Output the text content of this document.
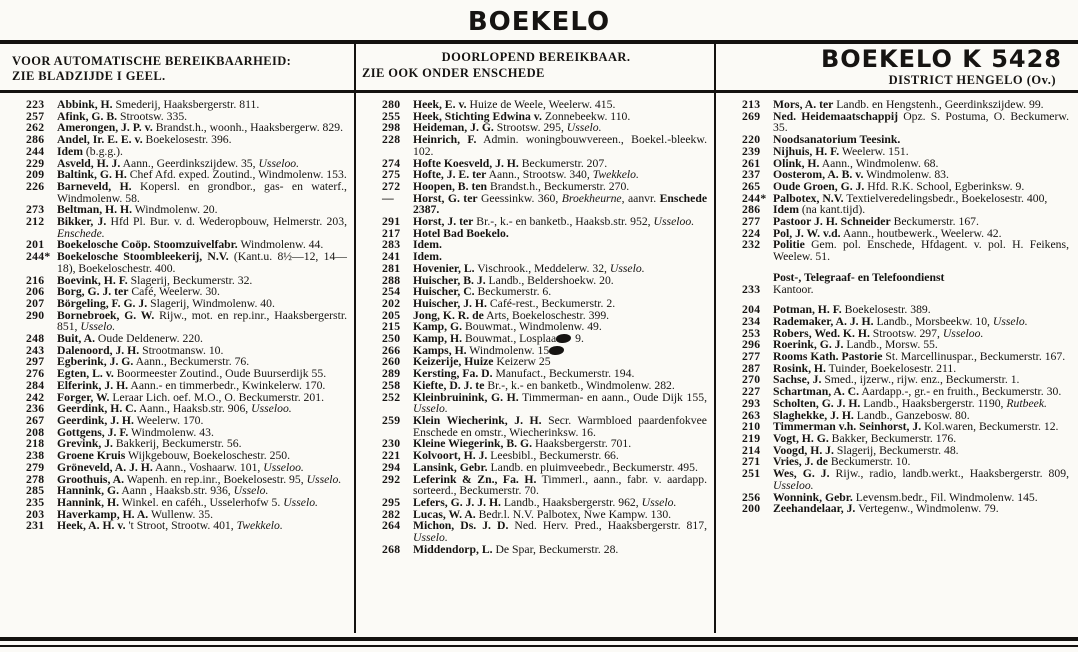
BOEKELO
VOOR AUTOMATISCHE BEREIKBAARHEID:
ZIE BLADZIJDE I GEEL.
DOORLOPEND BEREIKBAAR.
ZIE OOK ONDER ENSCHEDE	BOEKELO K 5428
DISTRICT HENGELO (Ov.)
223 Abbink, H. Smederij, Haaksbergerstr. 811.
257 Afink, G. B. Strootsw. 335.
262 Amerongen, J. P. v. Brandst.h., woonh., Haaksbergerw. 829.
286 Andel, Ir. E. E. v. Boekelosestr. 396.
244 Idem (b.g.g.).
229 Asveld, H. J. Aann., Geerdinkszijdew. 35, Usseloo.
209 Baltink, G. H. Chef Afd. exped. Zoutind., Windmolenw. 153.
226 Barneveld, H. Kopersl. en grondbor., gas- en waterf., Windmolenw. 58.
273 Beltman, H. H. Windmolenw. 20.
212 Bikker, J. Hfd Pl. Bur. v. d. Wederopbouw, Helmerstr. 203, Enschede.
201 Boekelosche Coöp. Stoomzuivelfabr. Windmolenw. 44.
244* Boekelosche Stoombleekerij, N.V. (Kant.u. 8½—12, 14—18), Boekeloschestr. 400.
216 Boevink, H. F. Slagerij, Beckumerstr. 32.
206 Borg, G. J. ter Café, Weelerw. 30.
207 Börgeling, F. G. J. Slagerij, Windmolenw. 40.
290 Bornebroek, G. W. Rijw., mot. en rep.inr., Haaksbergerstr. 851, Usselo.
248 Buit, A. Oude Deldenerw. 220.
243 Dalenoord, J. H. Strootmansw. 10.
297 Egberink, J. G. Aann., Beckumerstr. 76.
276 Egten, L. v. Boormeester Zoutind., Oude Buurserdijk 55.
284 Elferink, J. H. Aann.- en timmerbedr., Kwinkelerw. 170.
242 Forger, W. Leraar Lich. oef. M.O., O. Beckumerstr. 201.
236 Geerdink, H. C. Aann., Haaksb.str. 906, Usseloo.
267 Geerdink, J. H. Weelerw. 170.
208 Gottgens, J. F. Windmolenw. 43.
218 Grevink, J. Bakkerij, Beckumerstr. 56.
238 Groene Kruis Wijkgebouw, Boekeloschestr. 250.
279 Gröneveld, A. J. H. Aann., Voshaarw. 101, Usseloo.
278 Groothuis, A. Wapenh. en rep.inr., Boekelosestr. 95, Usselo.
285 Hannink, G. Aann , Haaksb.str. 936, Usselo.
235 Hannink, H. Winkel. en caféh., Usselerhofw 5. Usselo.
203 Haverkamp, H. A. Wullenw. 35.
231 Heek, A. H. v. 't Stroot, Strootw. 401, Twekkelo.
280 Heek, E. v. Huize de Weele, Weelerw. 415.
255 Heek, Stichting Edwina v. Zonnebeekw. 110.
298 Heideman, J. G. Strootsw. 295, Usselo.
228 Heinrich, F. Admin. woningbouwvereen., Boekel.-bleekw. 102.
274 Hofte Koesveld, J. H. Beckumerstr. 207.
275 Hofte, J. E. ter Aann., Strootsw. 340, Twekkelo.
272 Hoopen, B. ten Brandst.h., Beckumerstr. 270.
— Horst, G. ter Geessinkw. 360, Broekheurne, aanvr. Enschede 2387.
291 Horst, J. ter Br.-, k.- en banketb., Haaksb.str. 952, Usseloo.
217 Hotel Bad Boekelo.
283 Idem.
241 Idem.
281 Hovenier, L. Vischrook., Meddelerw. 32, Usselo.
288 Huischer, B. J. Landb., Beldershoekw. 20.
254 Huischer, C. Beckumerstr. 6.
202 Huischer, J. H. Café-rest., Beckumerstr. 2.
205 Jong, K. R. de Arts, Boekeloschestr. 399.
215 Kamp, G. Bouwmat., Windmolenw. 49.
250 Kamp, H. Bouwmat., Losplaa 9.
266 Kamps, H. Windmolenw. 15
260 Keizerije, Huize Keizerw 25
289 Kersting, Fa. D. Manufact., Beckumerstr. 194.
258 Kiefte, D. J. te Br.-, k.- en banketb., Windmolenw. 282.
252 Kleinbruinink, G. H. Timmerman- en aann., Oude Dijk 155, Usselo.
259 Klein Wiecherink, J. H. Secr. Warmbloed paardenfokvee Enschede en omstr., Wiecherinksw. 16.
230 Kleine Wiegerink, B. G. Haaksbergerstr. 701.
221 Kolvoort, H. J. Leesbibl., Beckumerstr. 66.
294 Lansink, Gebr. Landb. en pluimveebedr., Beckumerstr. 495.
292 Leferink & Zn., Fa. H. Timmerl., aann., fabr. v. aardapp. sorteerd., Beckumerstr. 70.
295 Lefers, G. J. J. H. Landb., Haaksbergerstr. 962, Usselo.
282 Lucas, W. A. Bedr.l. N.V. Palbotex, Nwe Kampw. 130.
264 Michon, Ds. J. D. Ned. Herv. Pred., Haaksbergerstr. 817, Usselo.
268 Middendorp, L. De Spar, Beckumerstr. 28.
213 Mors, A. ter Landb. en Hengstenh., Geerdinkszijdew. 99.
269 Ned. Heidemaatschappij Opz. S. Postuma, O. Beckumerw. 35.
220 Noodsanatorium Teesink.
239 Nijhuis, H. F. Weelerw. 151.
261 Olink, H. Aann., Windmolenw. 68.
237 Oosterom, A. B. v. Windmolenw. 83.
265 Oude Groen, G. J. Hfd. R.K. School, Egberinksw. 9.
244* Palbotex, N.V. Textielveredelingsbedr., Boekelosestr. 400,
286 Idem (na kant.tijd).
277 Pastoor J. H. Schneider Beckumerstr. 167.
224 Pol, J. W. v.d. Aann., houtbewerk., Weelerw. 42.
232 Politie Gem. pol. Enschede, Hfdagent. v. pol. H. Feikens, Weelew. 51.
Post-, Telegraaf- en Telefoondienst
233 Kantoor.
204 Potman, H. F. Boekelosestr. 389.
234 Rademaker, A. J. H. Landb., Morsbeekw. 10, Usselo.
253 Robers, Wed. K. H. Strootsw. 297, Usseloo.
296 Roerink, G. J. Landb., Morsw. 55.
277 Rooms Kath. Pastorie St. Marcellinuspar., Beckumerstr. 167.
287 Rosink, H. Tuinder, Boekelosestr. 211.
270 Sachse, J. Smed., ijzerw., rijw. enz., Beckumerstr. 1.
227 Schartman, A. C. Aardapp.-, gr.- en fruith., Beckumerstr. 30.
293 Scholten, G. J. H. Landb., Haaksbergerstr. 1190, Rutbeek.
263 Slaghekke, J. H. Landb., Ganzebosw. 80.
210 Timmerman v.h. Seinhorst, J. Kol.waren, Beckumerstr. 12.
219 Vogt, H. G. Bakker, Beckumerstr. 176.
214 Voogd, H. J. Slagerij, Beckumerstr. 48.
271 Vries, J. de Beckumerstr. 10.
251 Wes, G. J. Rijw., radio, landb.werkt., Haaksbergerstr. 809, Usseloo.
256 Wonnink, Gebr. Levensm.bedr., Fil. Windmolenw. 145.
200 Zeehandelaar, J. Vertegenw., Windmolenw. 79.
